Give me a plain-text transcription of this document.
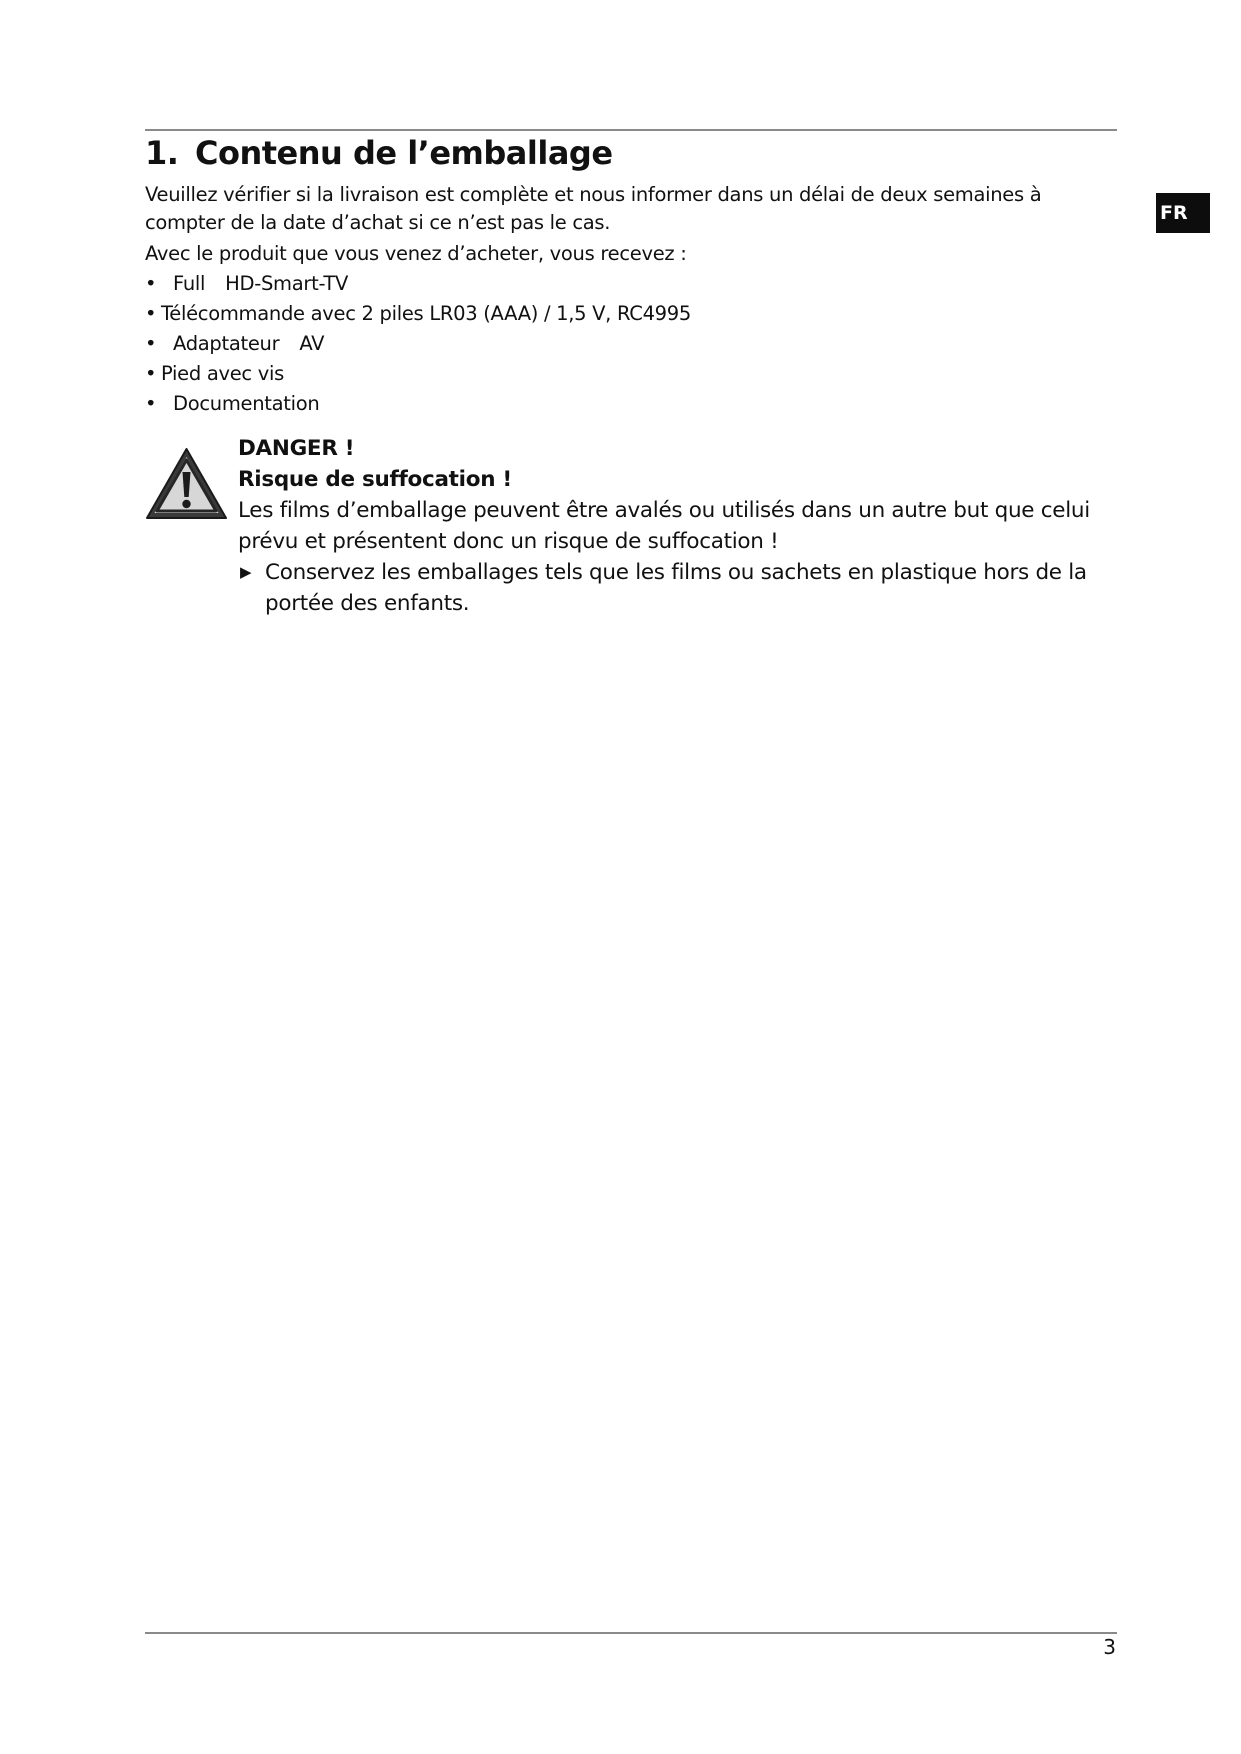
FR
1. Contenu de l’emballage

Veuillez vérifier si la livraison est complète et nous informer dans un délai de deux semaines à compter de la date d’achat si ce n’est pas le cas.

Avec le produit que vous venez d’acheter, vous recevez :

• Full HD-Smart-TV
• Télécommande avec 2 piles LR03 (AAA) / 1,5 V, RC4995
• Adaptateur AV
• Pied avec vis
• Documentation

DANGER !

Risque de suffocation !

Les films d’emballage peuvent être avalés ou utilisés dans un autre but que celui prévu et présentent donc un risque de suffocation !

▶ Conservez les emballages tels que les films ou sachets en plastique hors de la portée des enfants.

3
